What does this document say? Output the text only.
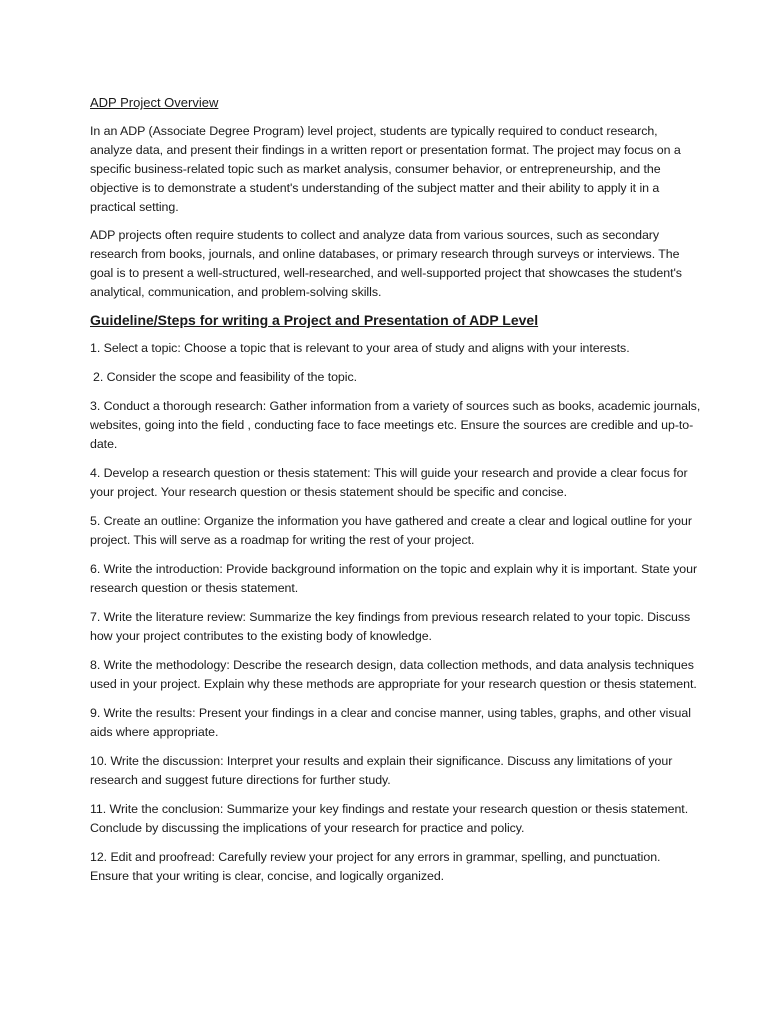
ADP Project Overview

In an ADP (Associate Degree Program) level project, students are typically required to conduct research, analyze data, and present their findings in a written report or presentation format. The project may focus on a specific business-related topic such as market analysis, consumer behavior, or entrepreneurship, and the objective is to demonstrate a student's understanding of the subject matter and their ability to apply it in a practical setting.

ADP projects often require students to collect and analyze data from various sources, such as secondary research from books, journals, and online databases, or primary research through surveys or interviews. The goal is to present a well-structured, well-researched, and well-supported project that showcases the student's analytical, communication, and problem-solving skills.

Guideline/Steps for writing a Project and Presentation of ADP Level
1. Select a topic: Choose a topic that is relevant to your area of study and aligns with your interests.
2. Consider the scope and feasibility of the topic.
3. Conduct a thorough research: Gather information from a variety of sources such as books, academic journals, websites, going into the field , conducting face to face meetings etc. Ensure the sources are credible and up-to-date.
4. Develop a research question or thesis statement: This will guide your research and provide a clear focus for your project. Your research question or thesis statement should be specific and concise.
5. Create an outline: Organize the information you have gathered and create a clear and logical outline for your project. This will serve as a roadmap for writing the rest of your project.
6. Write the introduction: Provide background information on the topic and explain why it is important. State your research question or thesis statement.
7. Write the literature review: Summarize the key findings from previous research related to your topic. Discuss how your project contributes to the existing body of knowledge.
8. Write the methodology: Describe the research design, data collection methods, and data analysis techniques used in your project. Explain why these methods are appropriate for your research question or thesis statement.
9. Write the results: Present your findings in a clear and concise manner, using tables, graphs, and other visual aids where appropriate.
10. Write the discussion: Interpret your results and explain their significance. Discuss any limitations of your research and suggest future directions for further study.
11. Write the conclusion: Summarize your key findings and restate your research question or thesis statement. Conclude by discussing the implications of your research for practice and policy.
12. Edit and proofread: Carefully review your project for any errors in grammar, spelling, and punctuation. Ensure that your writing is clear, concise, and logically organized.
